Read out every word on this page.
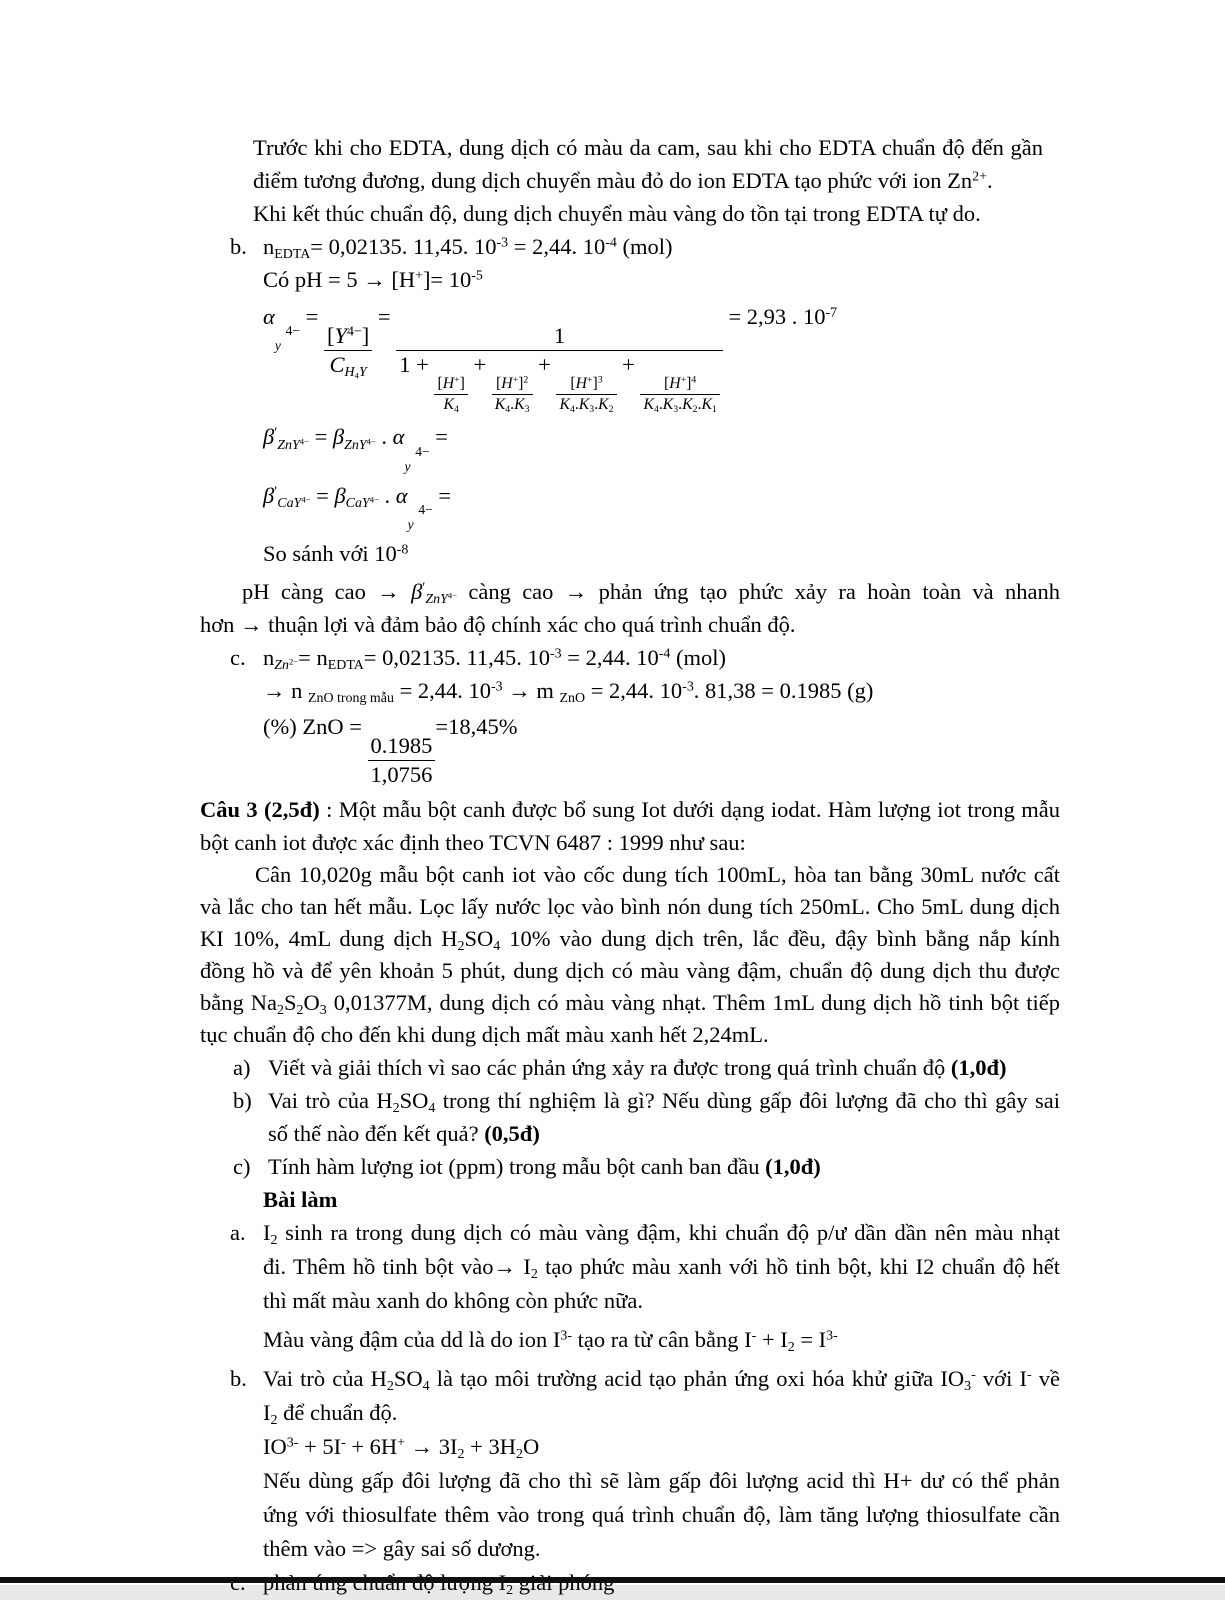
Trước khi cho EDTA, dung dịch có màu da cam, sau khi cho EDTA chuẩn độ đến gần
điểm tương đương, dung dịch chuyển màu đỏ do ion EDTA tạo phức với ion $Zn^{2+}$.
Khi kết thúc chuẩn độ, dung dịch chuyển màu vàng do tồn tại trong EDTA tự do.
b. nEDTA= 0,02135. 11,45. $10^{-3} = 2,44$. $10^{-4}$ (mol)
Có pH = $5 \to [H^+]= 10^{-5}$
α
4−
y
=
$\frac{[Y^{4-}]}{CH4Y}$
=
1
1 +
$\frac{[H^+]}{K4}$
+
$\frac{[H^+]^2}{K4.K3}$
+
$\frac{[H^+]^3}{K4.K3.K2}$
+
$\frac{[H^+]^4}{K4.K3.K2.K1}$
= 2,93 . $10^{-7}$
β′ZnY$^{4-}$ = βZnY$^{4-}$ . α
4−
y
=
β′CaY$^{4-}$ = βCaY$^{4-}$ . α
4−
y
=
So sánh với $10^{-8}$
pH càng cao → β′ZnY$^{4-}$ càng cao → phản ứng tạo phức xảy ra hoàn toàn và nhanh
hơn → thuận lợi và đảm bảo độ chính xác cho quá trình chuẩn độ.
c. nZn$^{2-}$= nEDTA= 0,02135. 11,45. $10^{-3} = 2,44$. $10^{-4}$ (mol)
→ n ZnO trong mẫu = 2,44. $10^{-3} \to m$ ZnO = 2,44. $10^{-3}$. 81,38 = 0.1985 (g)
(%) ZnO =
$\frac{0.1985}{1,0756}$
=18,45%
Câu 3 (2,5đ) : Một mẫu bột canh được bổ sung Iot dưới dạng iodat. Hàm lượng iot trong mẫu
bột canh iot được xác định theo TCVN 6487 : 1999 như sau:
Cân 10,020g mẫu bột canh iot vào cốc dung tích 100mL, hòa tan bằng 30mL nước cất
và lắc cho tan hết mẫu. Lọc lấy nước lọc vào bình nón dung tích 250mL. Cho 5mL dung dịch
KI 10%, 4mL dung dịch H2SO4 10% vào dung dịch trên, lắc đều, đậy bình bằng nắp kính
đồng hồ và để yên khoản 5 phút, dung dịch có màu vàng đậm, chuẩn độ dung dịch thu được
bằng Na2S2O3 0,01377M, dung dịch có màu vàng nhạt. Thêm 1mL dung dịch hồ tinh bột tiếp
tục chuẩn độ cho đến khi dung dịch mất màu xanh hết 2,24mL.
a) Viết và giải thích vì sao các phản ứng xảy ra được trong quá trình chuẩn độ (1,0đ)
b) Vai trò của H2SO4 trong thí nghiệm là gì? Nếu dùng gấp đôi lượng đã cho thì gây sai
số thế nào đến kết quả? (0,5đ)
c) Tính hàm lượng iot (ppm) trong mẫu bột canh ban đầu (1,0đ)
Bài làm
a. I2 sinh ra trong dung dịch có màu vàng đậm, khi chuẩn độ p/ư dần dần nên màu nhạt
đi. Thêm hồ tinh bột vào→ I2 tạo phức màu xanh với hồ tinh bột, khi I2 chuẩn độ hết
thì mất màu xanh do không còn phức nữa.
Màu vàng đậm của dd là do ion $I^{3-}$ tạo ra từ cân bằng $I^- + I2 = I^{3-}$
b. Vai trò của H2SO4 là tạo môi trường acid tạo phản ứng oxi hóa khử giữa IO3- với I- về
I2 để chuẩn độ.
$IO^{3-} + 5I^- + 6H^+ \to 3I2 + 3H2O$
Nếu dùng gấp đôi lượng đã cho thì sẽ làm gấp đôi lượng acid thì H+ dư có thể phản
ứng với thiosulfate thêm vào trong quá trình chuẩn độ, làm tăng lượng thiosulfate cần
thêm vào => gây sai số dương.
2
